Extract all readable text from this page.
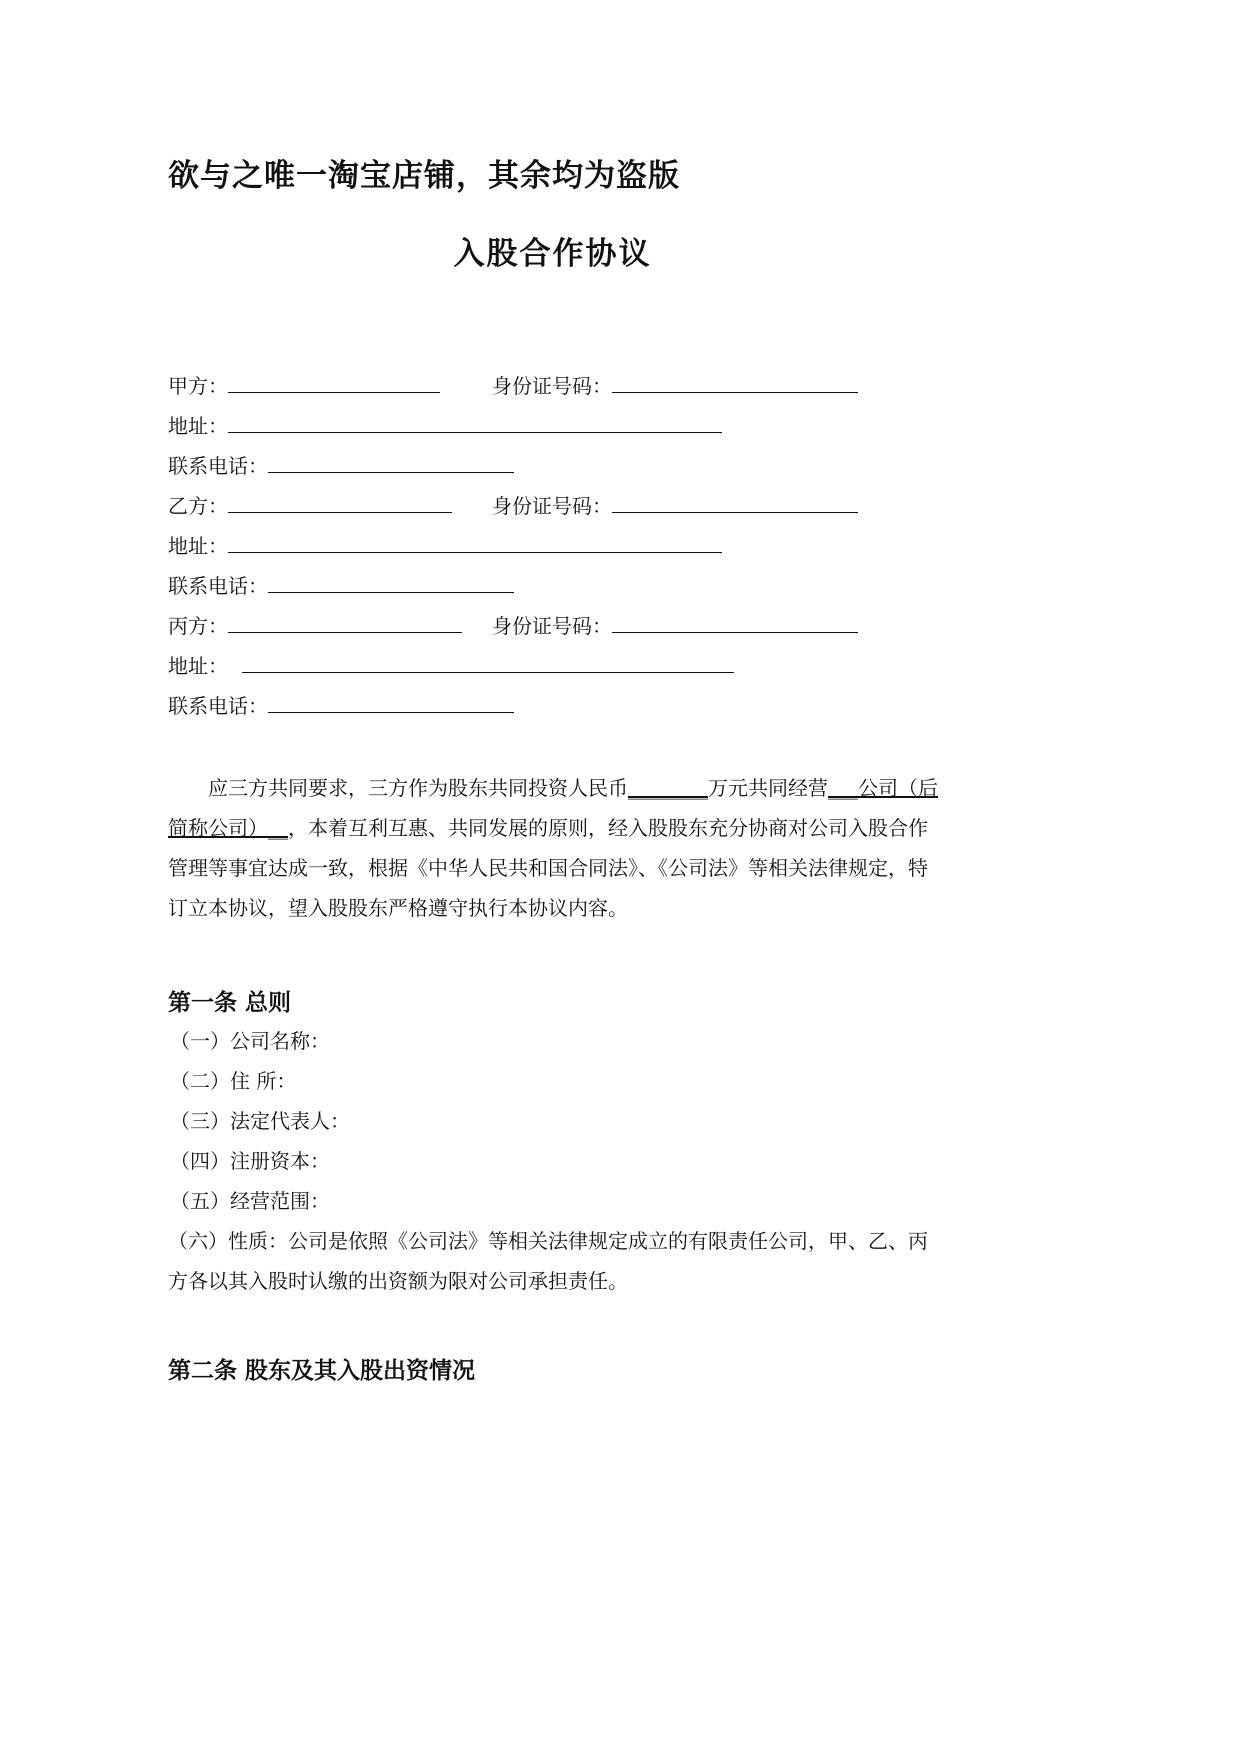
欲与之唯一淘宝店铺，其余均为盗版
入股合作协议
甲方：	身份证号码：
地址：
联系电话：
乙方：	身份证号码：
地址：
联系电话：
丙方：	身份证号码：
地址：
联系电话：
应三方共同要求，三方作为股东共同投资人民币________万元共同经营___公司（后简称公司）__，本着互利互惠、共同发展的原则，经入股股东充分协商对公司入股合作管理等事宜达成一致，根据《中华人民共和国合同法》、《公司法》等相关法律规定，特订立本协议，望入股股东严格遵守执行本协议内容。
第一条 总则
（一）公司名称：
（二）住 所：
（三）法定代表人：
（四）注册资本：
（五）经营范围：
（六）性质：公司是依照《公司法》等相关法律规定成立的有限责任公司，甲、乙、丙方各以其入股时认缴的出资额为限对公司承担责任。
第二条 股东及其入股出资情况
